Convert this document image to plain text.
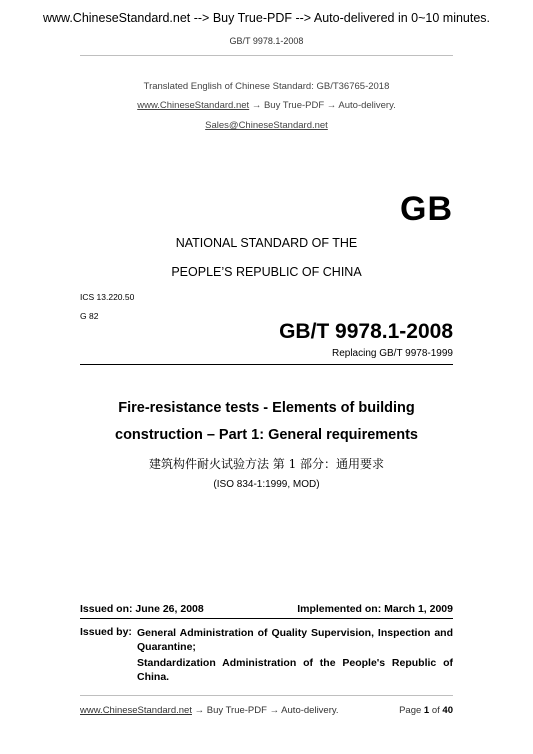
www.ChineseStandard.net --> Buy True-PDF --> Auto-delivered in 0~10 minutes.
GB/T 9978.1-2008
Translated English of Chinese Standard: GB/T36765-2018
www.ChineseStandard.net → Buy True-PDF → Auto-delivery.
Sales@ChineseStandard.net
GB
NATIONAL STANDARD OF THE
PEOPLE’S REPUBLIC OF CHINA
ICS 13.220.50
G 82
GB/T 9978.1-2008
Replacing GB/T 9978-1999
Fire-resistance tests - Elements of building
construction – Part 1: General requirements
建筑构件耐火试验方法 第 1 部分：通用要求
(ISO 834-1:1999, MOD)
Issued on: June 26, 2008	Implemented on: March 1, 2009
Issued by: General Administration of Quality Supervision, Inspection and Quarantine;
Standardization Administration of the People's Republic of China.
www.ChineseStandard.net → Buy True-PDF → Auto-delivery.	Page 1 of 40
